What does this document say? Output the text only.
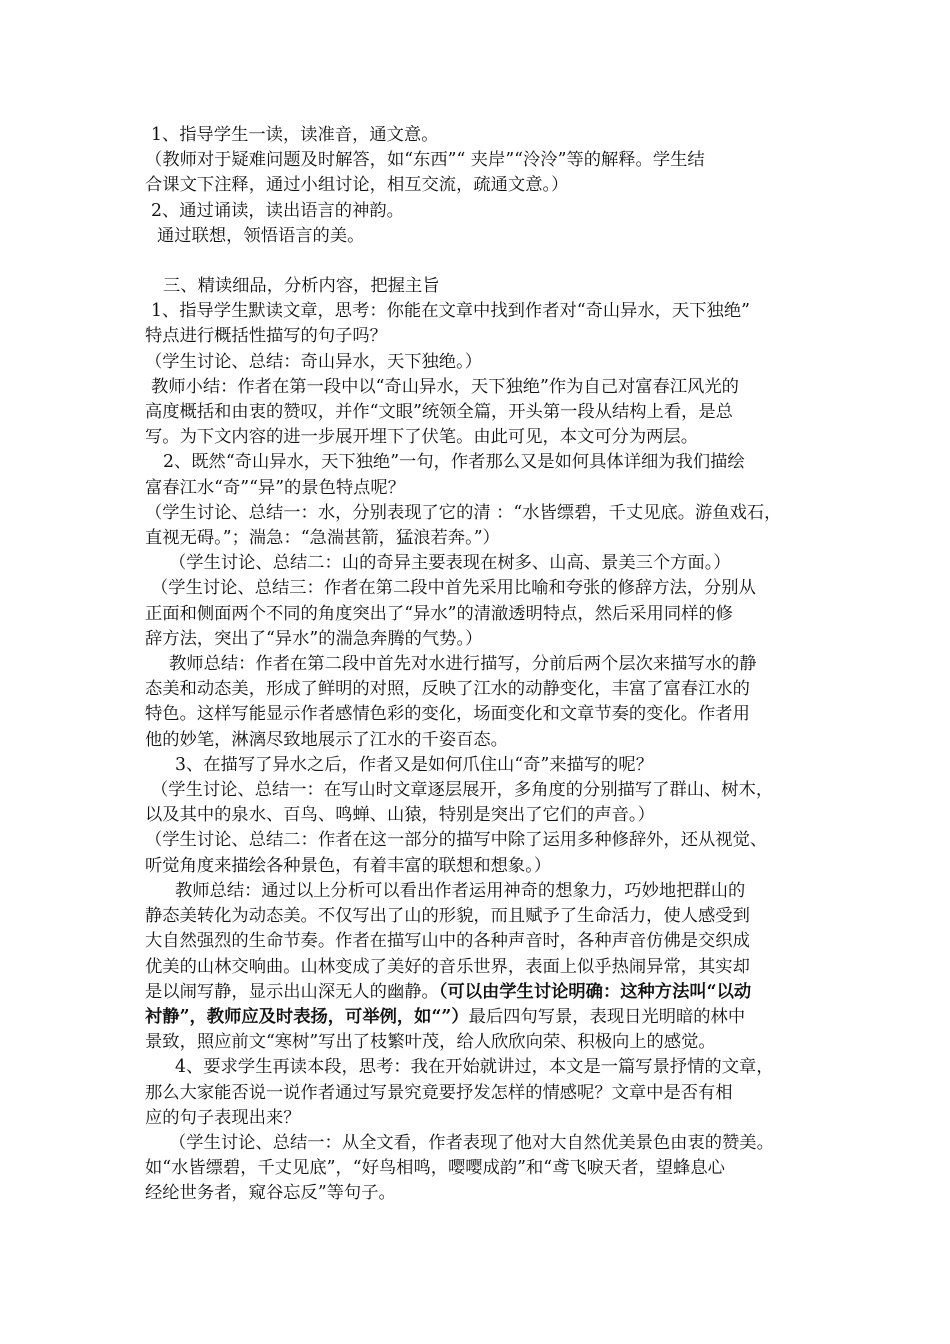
1、指导学生一读，读准音，通文意。

（教师对于疑难问题及时解答，如“东西”“ 夹岸”“泠泠”等的解释。学生结

合课文下注释，通过小组讨论，相互交流，疏通文意。）

2、通过诵读，读出语言的神韵。

通过联想，领悟语言的美。

三、精读细品，分析内容，把握主旨

1、指导学生默读文章，思考：你能在文章中找到作者对“奇山异水，天下独绝”

特点进行概括性描写的句子吗？

（学生讨论、总结：奇山异水，天下独绝。）

教师小结：作者在第一段中以“奇山异水，天下独绝”作为自己对富春江风光的

高度概括和由衷的赞叹，并作“文眼”统领全篇，开头第一段从结构上看，是总

写。为下文内容的进一步展开埋下了伏笔。由此可见，本文可分为两层。

2、既然“奇山异水，天下独绝”一句，作者那么又是如何具体详细为我们描绘

富春江水“奇”“异”的景色特点呢？

（学生讨论、总结一：水，分别表现了它的清 ：“水皆缥碧，千丈见底。游鱼戏石，

直视无碍。”；湍急：“急湍甚箭，猛浪若奔。”）

（学生讨论、总结二：山的奇异主要表现在树多、山高、景美三个方面。）

（学生讨论、总结三：作者在第二段中首先采用比喻和夸张的修辞方法，分别从

正面和侧面两个不同的角度突出了“异水”的清澈透明特点，然后采用同样的修

辞方法，突出了“异水”的湍急奔腾的气势。）

教师总结：作者在第二段中首先对水进行描写，分前后两个层次来描写水的静

态美和动态美，形成了鲜明的对照，反映了江水的动静变化，丰富了富春江水的

特色。这样写能显示作者感情色彩的变化，场面变化和文章节奏的变化。作者用

他的妙笔，淋漓尽致地展示了江水的千姿百态。

3、在描写了异水之后，作者又是如何爪住山“奇”来描写的呢？

（学生讨论、总结一：在写山时文章逐层展开，多角度的分别描写了群山、树木，

以及其中的泉水、百鸟、鸣蝉、山猿，特别是突出了它们的声音。）

（学生讨论、总结二：作者在这一部分的描写中除了运用多种修辞外，还从视觉、

听觉角度来描绘各种景色，有着丰富的联想和想象。）

教师总结：通过以上分析可以看出作者运用神奇的想象力，巧妙地把群山的

静态美转化为动态美。不仅写出了山的形貌，而且赋予了生命活力，使人感受到

大自然强烈的生命节奏。作者在描写山中的各种声音时，各种声音仿佛是交织成

优美的山林交响曲。山林变成了美好的音乐世界，表面上似乎热闹异常，其实却

是以闹写静，显示出山深无人的幽静。（可以由学生讨论明确：这种方法叫“以动

衬静”，教师应及时表扬，可举例，如“”）最后四句写景，表现日光明暗的林中

景致，照应前文“寒树”写出了枝繁叶茂，给人欣欣向荣、积极向上的感觉。

4、要求学生再读本段，思考：我在开始就讲过，本文是一篇写景抒情的文章，

那么大家能否说一说作者通过写景究竟要抒发怎样的情感呢？文章中是否有相

应的句子表现出来？

（学生讨论、总结一：从全文看，作者表现了他对大自然优美景色由衷的赞美。

如“水皆缥碧，千丈见底”，“好鸟相鸣，嘤嘤成韵”和“鸢飞唳天者，望蜂息心

经纶世务者，窥谷忘反”等句子。
